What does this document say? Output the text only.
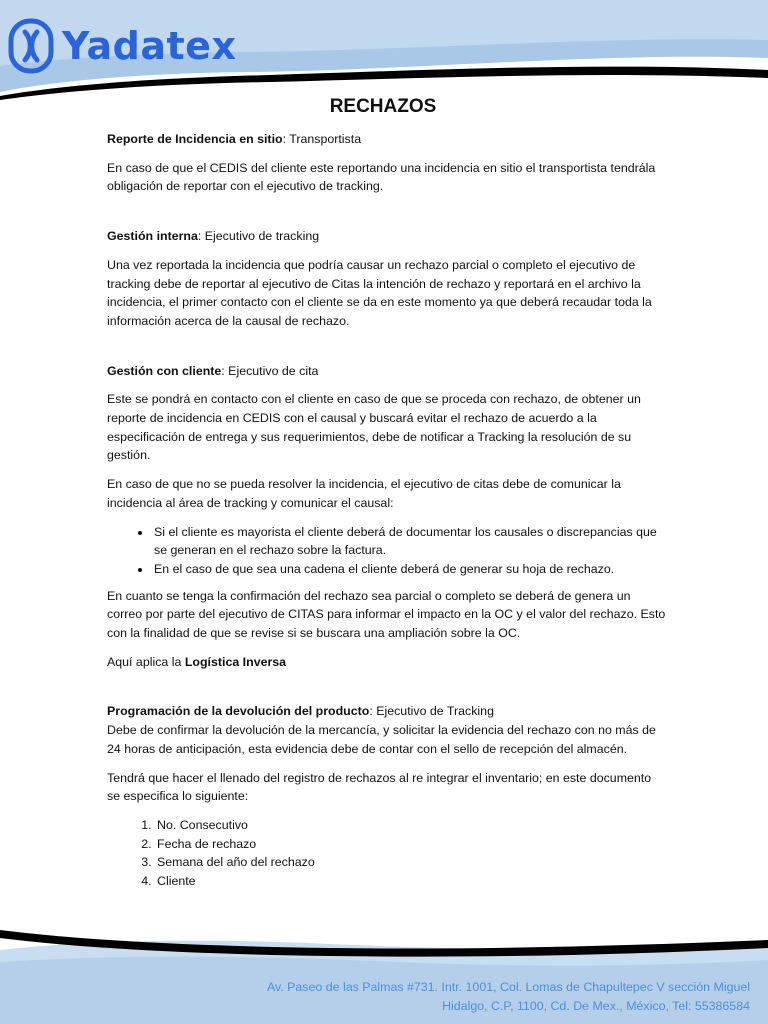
Yadatex
RECHAZOS

Reporte de Incidencia en sitio: Transportista

En caso de que el CEDIS del cliente este reportando una incidencia en sitio el transportista tendrála obligación de reportar con el ejecutivo de tracking.

Gestión interna: Ejecutivo de tracking

Una vez reportada la incidencia que podría causar un rechazo parcial o completo el ejecutivo de tracking debe de reportar al ejecutivo de Citas la intención de rechazo y reportará en el archivo la incidencia, el primer contacto con el cliente se da en este momento ya que deberá recaudar toda la información acerca de la causal de rechazo.

Gestión con cliente: Ejecutivo de cita

Este se pondrá en contacto con el cliente en caso de que se proceda con rechazo, de obtener un reporte de incidencia en CEDIS con el causal y buscará evitar el rechazo de acuerdo a la especificación de entrega y sus requerimientos, debe de notificar a Tracking la resolución de su gestión.

En caso de que no se pueda resolver la incidencia, el ejecutivo de citas debe de comunicar la incidencia al área de tracking y comunicar el causal:

• Si el cliente es mayorista el cliente deberá de documentar los causales o discrepancias que se generan en el rechazo sobre la factura.
• En el caso de que sea una cadena el cliente deberá de generar su hoja de rechazo.

En cuanto se tenga la confirmación del rechazo sea parcial o completo se deberá de genera un correo por parte del ejecutivo de CITAS para informar el impacto en la OC y el valor del rechazo. Esto con la finalidad de que se revise si se buscara una ampliación sobre la OC.

Aquí aplica la Logística Inversa

Programación de la devolución del producto: Ejecutivo de Tracking

Debe de confirmar la devolución de la mercancía, y solicitar la evidencia del rechazo con no más de 24 horas de anticipación, esta evidencia debe de contar con el sello de recepción del almacén.

Tendrá que hacer el llenado del registro de rechazos al re integrar el inventario; en este documento se especifica lo siguiente:

1. No. Consecutivo
2. Fecha de rechazo
3. Semana del año del rechazo
4. Cliente
Av. Paseo de las Palmas #731. Intr. 1001, Col. Lomas de Chapultepec V sección Miguel
Hidalgo, C.P, 1100, Cd. De Mex., México, Tel: 55386584
